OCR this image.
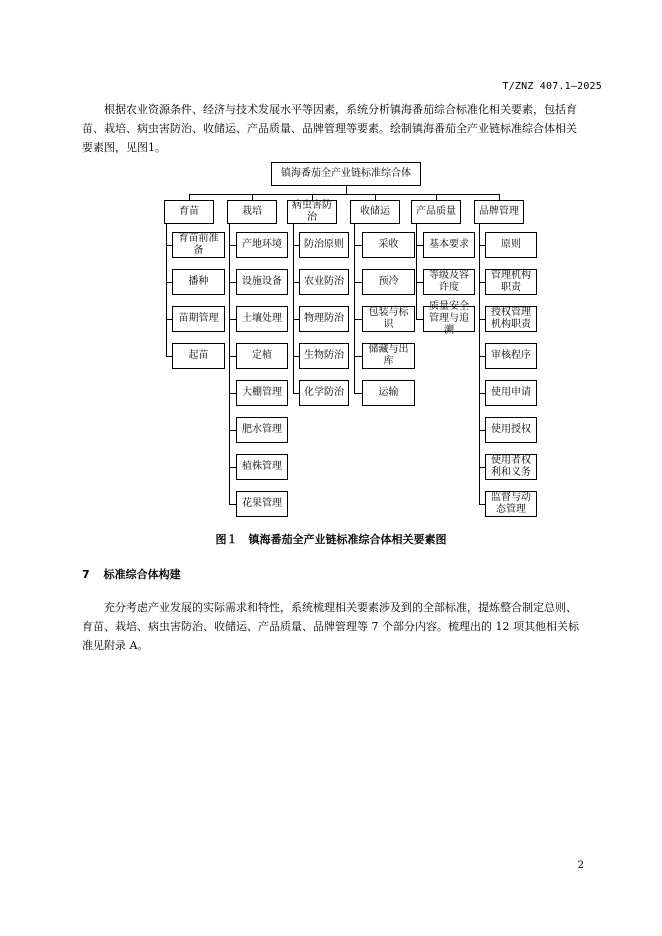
T/ZNZ 407.1—2025

根据农业资源条件、经济与技术发展水平等因素，系统分析镇海番茄综合标准化相关要素，包括育苗、栽培、病虫害防治、收储运、产品质量、品牌管理等要素。绘制镇海番茄全产业链标准综合体相关要素图，见图1。

镇海番茄全产业链标准综合体
育苗
育苗前准备
播种
苗期管理
起苗
栽培
产地环境
设施设备
土壤处理
定植
大棚管理
肥水管理
植株管理
花果管理
病虫害防治
防治原则
农业防治
物理防治
生物防治
化学防治
收储运
采收
预冷
包装与标识
储藏与出库
运输
产品质量
基本要求
等级及容许度
质量安全管理与追溯
品牌管理
原则
管理机构职责
授权管理机构职责
审核程序
使用申请
使用授权
使用者权利和义务
监督与动态管理
图１　镇海番茄全产业链标准综合体相关要素图
7 标准综合体构建

充分考虑产业发展的实际需求和特性，系统梳理相关要素涉及到的全部标准，提炼整合制定总则、育苗、栽培、病虫害防治、收储运、产品质量、品牌管理等 7 个部分内容。梳理出的 12 项其他相关标准见附录 A。

2
